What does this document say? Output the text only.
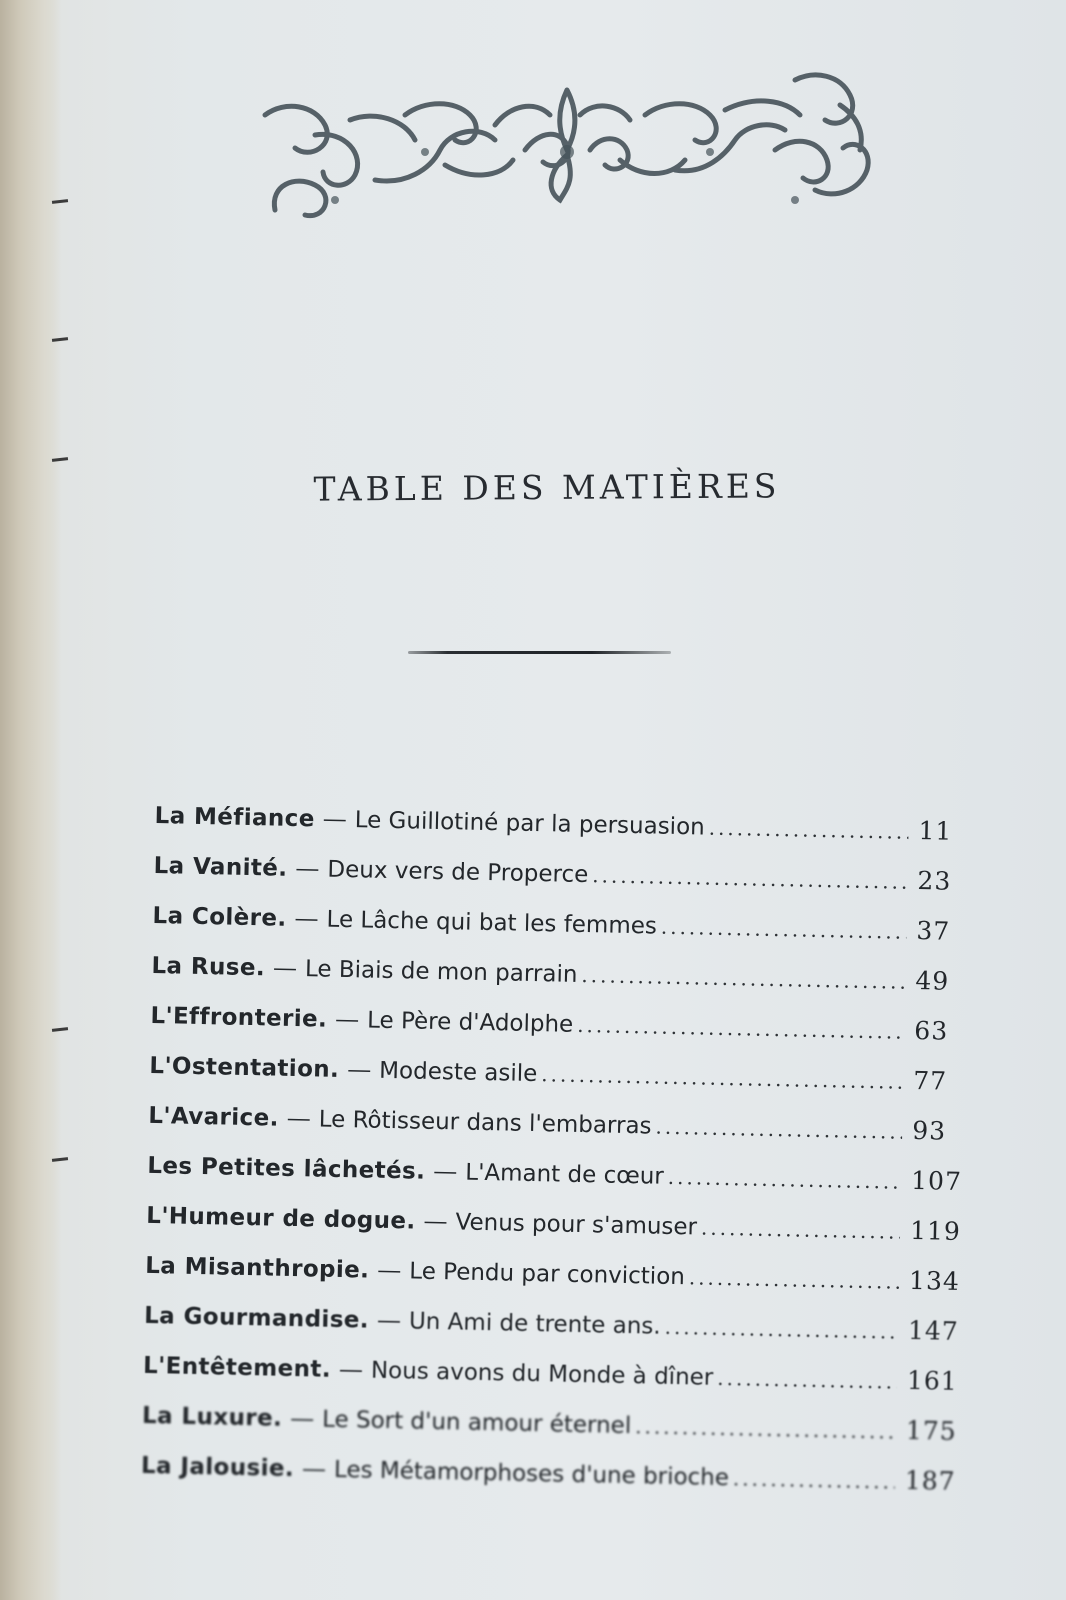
TABLE DES MATIÈRES
La Méfiance — Le Guillotiné par la persuasion .....	11
La Vanité. — Deux vers de Properce .....	23
La Colère. — Le Lâche qui bat les femmes .....	37
La Ruse. — Le Biais de mon parrain .....	49
L'Effronterie. — Le Père d'Adolphe .....	63
L'Ostentation. — Modeste asile .....	77
L'Avarice. — Le Rôtisseur dans l'embarras .....	93
Les Petites lâchetés. — L'Amant de cœur .....	107
L'Humeur de dogue. — Venus pour s'amuser .....	119
La Misanthropie. — Le Pendu par conviction .....	134
La Gourmandise. — Un Ami de trente ans. .....	147
L'Entêtement. — Nous avons du Monde à dîner .....	161
La Luxure. — Le Sort d'un amour éternel .....	175
La Jalousie. — Les Métamorphoses d'une brioche .....	187
